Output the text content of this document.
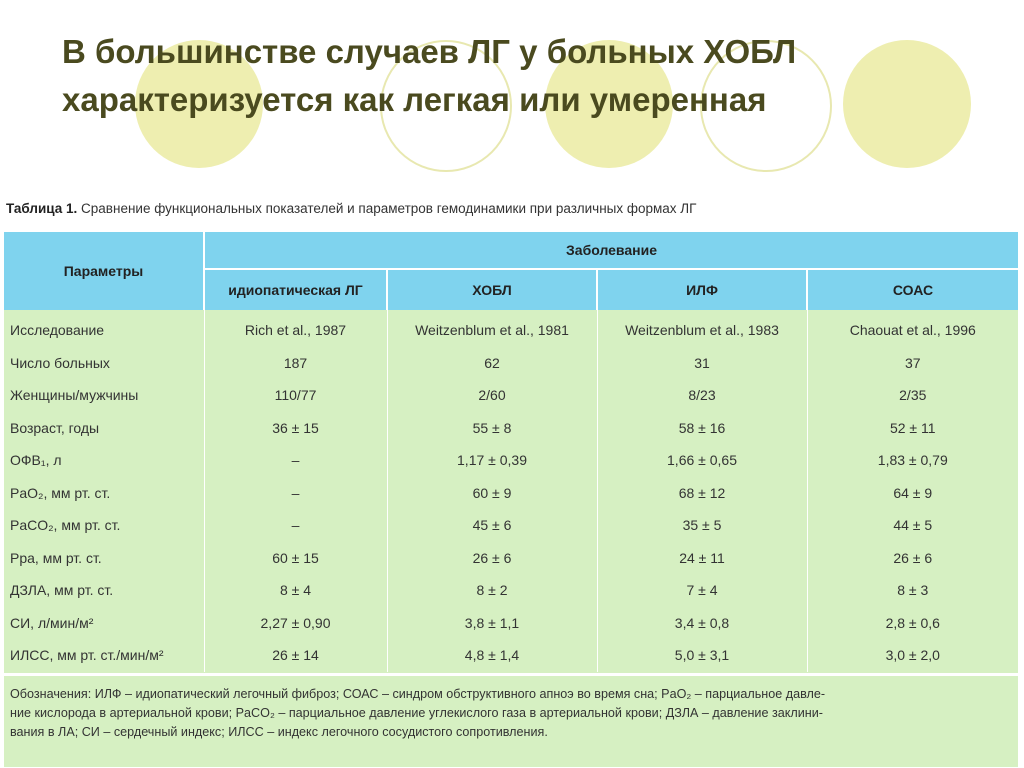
В большинстве случаев ЛГ у больных ХОБЛ
характеризуется как легкая или умеренная
Таблица 1. Сравнение функциональных показателей и параметров гемодинамики при различных формах ЛГ
Параметры	Заболевание			
	идиопатическая ЛГ	ХОБЛ	ИЛФ	СОАС
Исследование	Rich et al., 1987	Weitzenblum et al., 1981	Weitzenblum et al., 1983	Chaouat et al., 1996
Число больных	187	62	31	37
Женщины/мужчины	110/77	2/60	8/23	2/35
Возраст, годы	36 ± 15	55 ± 8	58 ± 16	52 ± 11
ОФВ₁, л	–	1,17 ± 0,39	1,66 ± 0,65	1,83 ± 0,79
PaO₂, мм рт. ст.	–	60 ± 9	68 ± 12	64 ± 9
PaCO₂, мм рт. ст.	–	45 ± 6	35 ± 5	44 ± 5
Ppa, мм рт. ст.	60 ± 15	26 ± 6	24 ± 11	26 ± 6
ДЗЛА, мм рт. ст.	8 ± 4	8 ± 2	7 ± 4	8 ± 3
СИ, л/мин/м²	2,27 ± 0,90	3,8 ± 1,1	3,4 ± 0,8	2,8 ± 0,6
ИЛСС, мм рт. ст./мин/м²	26 ± 14	4,8 ± 1,4	5,0 ± 3,1	3,0 ± 2,0
Обозначения: ИЛФ – идиопатический легочный фиброз; СОАС – синдром обструктивного апноэ во время сна; PaO₂ – парциальное давле-
ние кислорода в артериальной крови; PaCO₂ – парциальное давление углекислого газа в артериальной крови; ДЗЛА – давление заклини-
вания в ЛА; СИ – сердечный индекс; ИЛСС – индекс легочного сосудистого сопротивления.
